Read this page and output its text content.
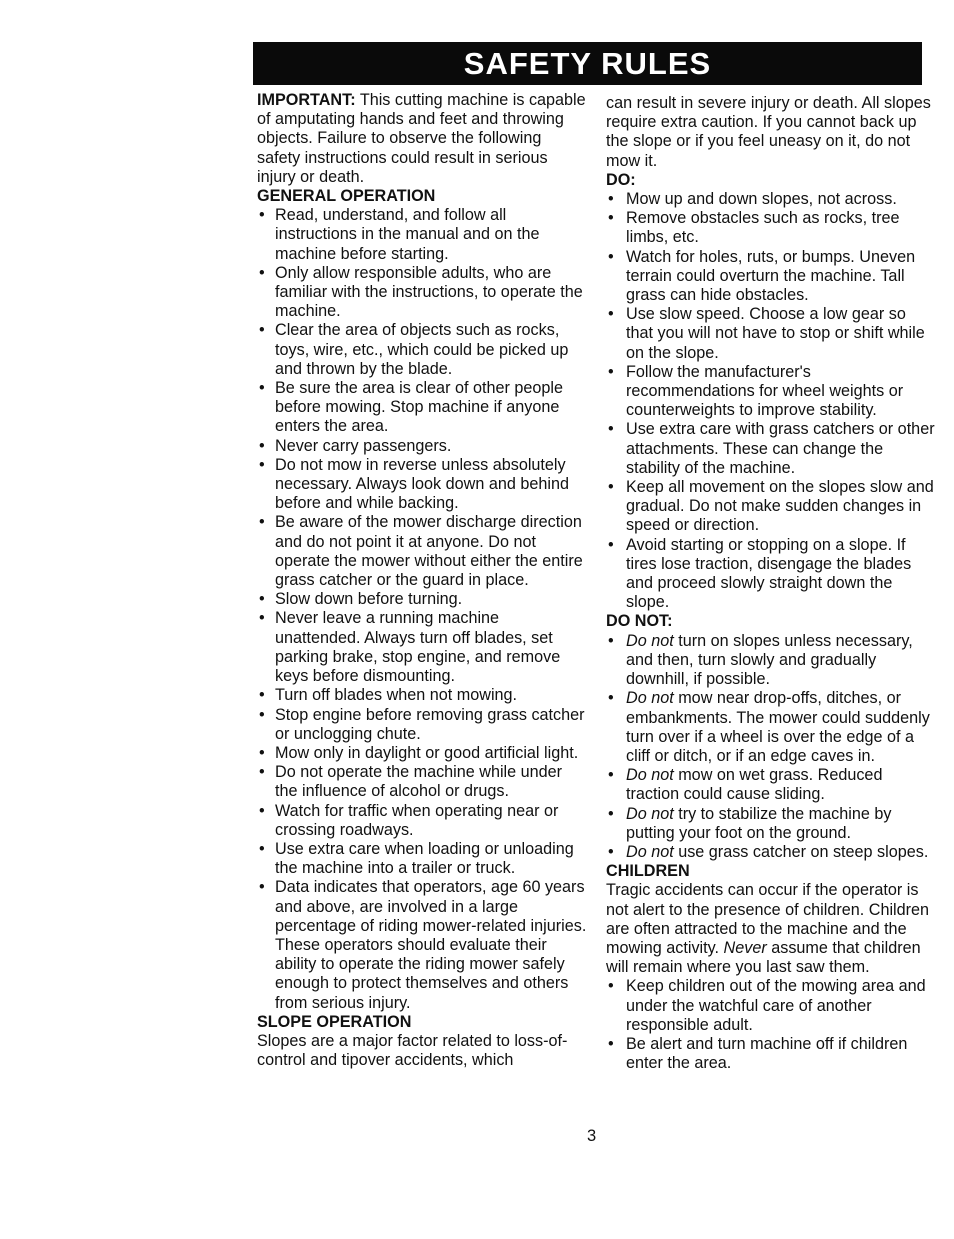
SAFETY RULES

IMPORTANT: This cutting machine is capable of amputating hands and feet and throwing objects. Failure to observe the following safety instructions could result in serious injury or death.

GENERAL OPERATION

• Read, understand, and follow all instructions in the manual and on the machine before starting.
• Only allow responsible adults, who are familiar with the instructions, to operate the machine.
• Clear the area of objects such as rocks, toys, wire, etc., which could be picked up and thrown by the blade.
• Be sure the area is clear of other people before mowing. Stop machine if anyone enters the area.
• Never carry passengers.
• Do not mow in reverse unless absolutely necessary. Always look down and behind before and while backing.
• Be aware of the mower discharge direction and do not point it at anyone. Do not operate the mower without either the entire grass catcher or the guard in place.
• Slow down before turning.
• Never leave a running machine unattended. Always turn off blades, set parking brake, stop engine, and remove keys before dismounting.
• Turn off blades when not mowing.
• Stop engine before removing grass catcher or unclogging chute.
• Mow only in daylight or good artificial light.
• Do not operate the machine while under the influence of alcohol or drugs.
• Watch for traffic when operating near or crossing roadways.
• Use extra care when loading or unloading the machine into a trailer or truck.
• Data indicates that operators, age 60 years and above, are involved in a large percentage of riding mower-related injuries. These operators should evaluate their ability to operate the riding mower safely enough to protect themselves and others from serious injury.

SLOPE OPERATION

Slopes are a major factor related to loss-of-control and tipover accidents, which

3

can result in severe injury or death. All slopes require extra caution. If you cannot back up the slope or if you feel uneasy on it, do not mow it.

DO:

• Mow up and down slopes, not across.
• Remove obstacles such as rocks, tree limbs, etc.
• Watch for holes, ruts, or bumps. Uneven terrain could overturn the machine. Tall grass can hide obstacles.
• Use slow speed. Choose a low gear so that you will not have to stop or shift while on the slope.
• Follow the manufacturer's recommendations for wheel weights or counterweights to improve stability.
• Use extra care with grass catchers or other attachments. These can change the stability of the machine.
• Keep all movement on the slopes slow and gradual. Do not make sudden changes in speed or direction.
• Avoid starting or stopping on a slope. If tires lose traction, disengage the blades and proceed slowly straight down the slope.

DO NOT:

• Do not turn on slopes unless necessary, and then, turn slowly and gradually downhill, if possible.
• Do not mow near drop-offs, ditches, or embankments. The mower could suddenly turn over if a wheel is over the edge of a cliff or ditch, or if an edge caves in.
• Do not mow on wet grass. Reduced traction could cause sliding.
• Do not try to stabilize the machine by putting your foot on the ground.
• Do not use grass catcher on steep slopes.

CHILDREN

Tragic accidents can occur if the operator is not alert to the presence of children. Children are often attracted to the machine and the mowing activity. Never assume that children will remain where you last saw them.

• Keep children out of the mowing area and under the watchful care of another responsible adult.
• Be alert and turn machine off if children enter the area.
